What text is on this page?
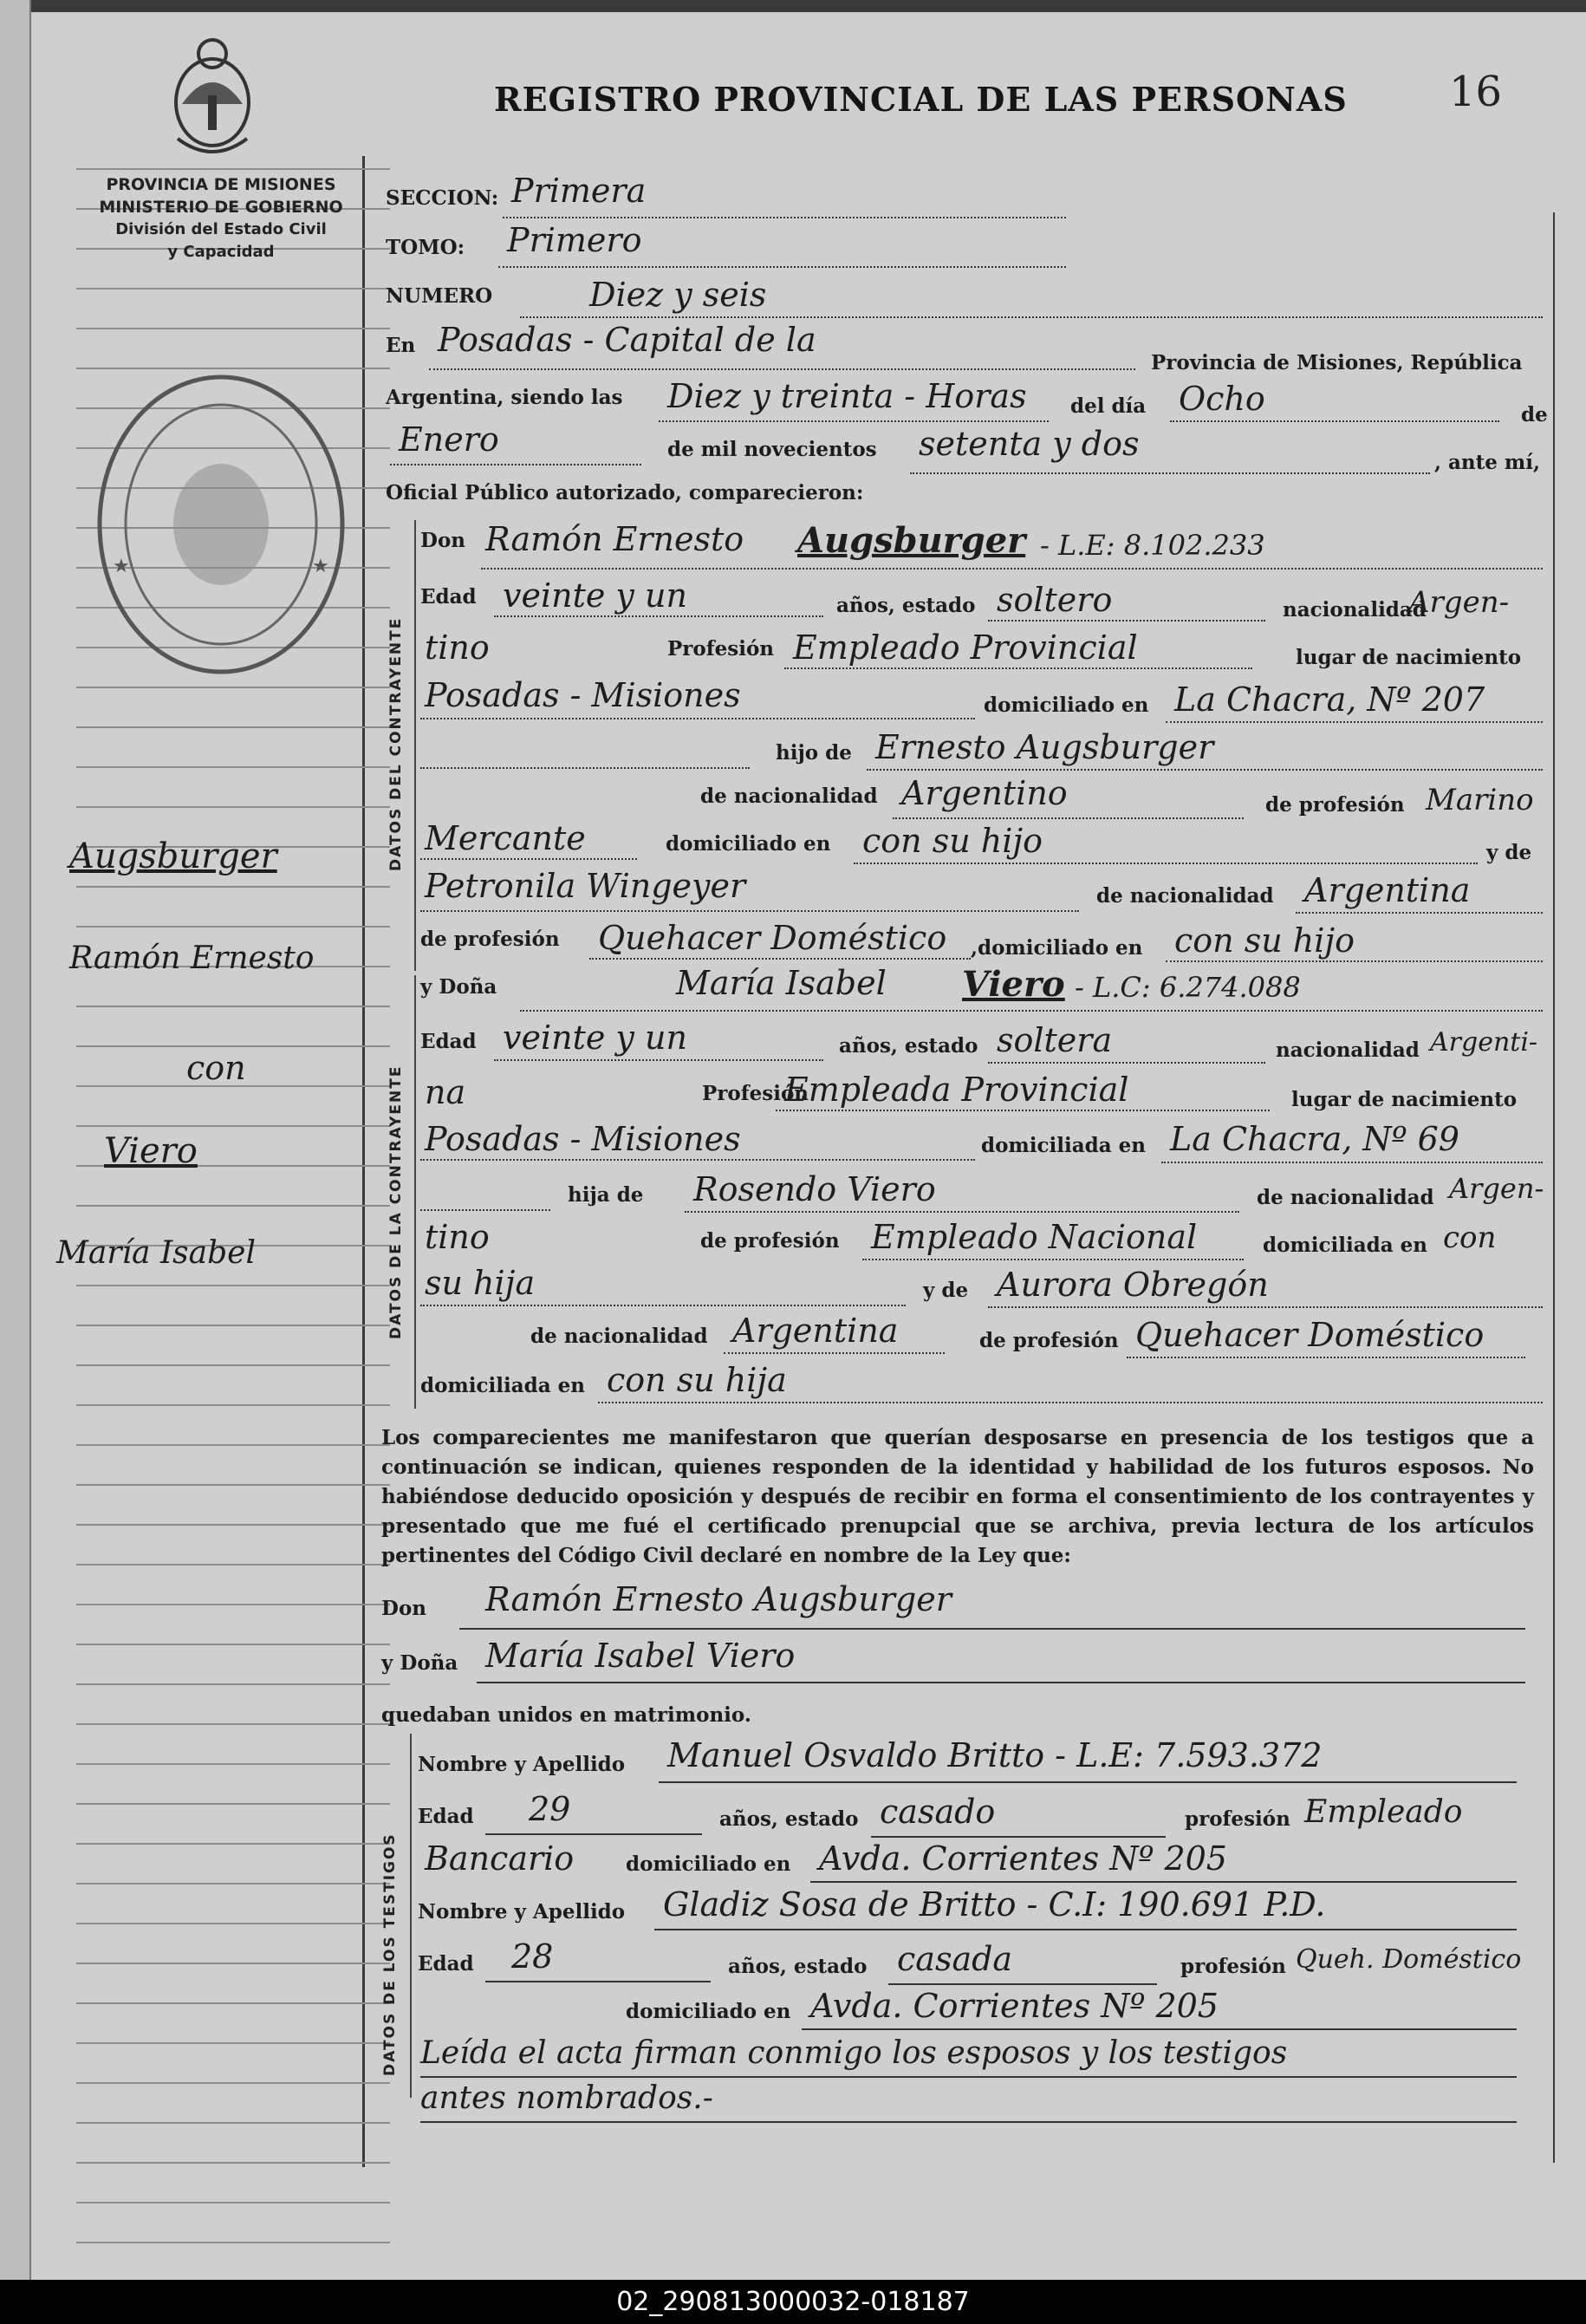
PROVINCIA DE MISIONES
MINISTERIO DE GOBIERNO
División del Estado Civil
y Capacidad
★	★
REGISTRO PROVINCIAL DE LAS PERSONAS 16
Augsburger
Ramón Ernesto
con
Viero
María Isabel
SECCION: Primera
TOMO: Primero
NUMERO	Diez y seis
En Posadas - Capital de la
Provincia de Misiones, República
Argentina, siendo las Diez y treinta - Horas del día Ocho	de
Enero	de mil novecientos setenta y dos	, ante mí,
Oficial Público autorizado, comparecieron:
DATOS DEL CONTRAYENTE
Don Ramón Ernesto Augsburger - L.E: 8.102.233
Edad veinte y un	años, estado soltero	nacionalidad
Argen-
tino	Profesión Empleado Provincial	lugar de nacimiento
Posadas - Misiones	domiciliado en La Chacra, Nº 207
hijo de Ernesto Augsburger
de nacionalidad Argentino	de profesión Marino
Mercante	domiciliado en con su hijo	y de
Petronila Wingeyer	de nacionalidad Argentina
de profesión Quehacer Doméstico ,domiciliado en con su hijo
DATOS DE LA CONTRAYENTE
y Doña	María Isabel Viero - L.C: 6.274.088
Edad veinte y un	años, estado soltera	nacionalidad Argenti-
na	Profesión
Empleada Provincial	lugar de nacimiento
Posadas - Misiones	domiciliada en La Chacra, Nº 69
hija de Rosendo Viero	de nacionalidad Argen-
tino	de profesión Empleado Nacional	domiciliada en con
su hija	y de Aurora Obregón
de nacionalidad Argentina	de profesión Quehacer Doméstico
domiciliada en con su hija
Los comparecientes me manifestaron que querían desposarse en presencia de los testigos que a continuación se indican, quienes responden de la identidad y habilidad de los futuros esposos. No habiéndose deducido oposición y después de recibir en forma el consentimiento de los contrayentes y presentado que me fué el certificado prenupcial que se archiva, previa lectura de los artículos pertinentes del Código Civil declaré en nombre de la Ley que:
Don Ramón Ernesto Augsburger
y Doña María Isabel Viero
quedaban unidos en matrimonio.
DATOS DE LOS TESTIGOS
Nombre y Apellido Manuel Osvaldo Britto - L.E: 7.593.372
Edad 29	años, estado casado	profesión Empleado
Bancario	domiciliado en Avda. Corrientes Nº 205
Nombre y Apellido Gladiz Sosa de Britto - C.I: 190.691 P.D.
Edad 28	años, estado casada	profesión Queh. Doméstico
domiciliado en Avda. Corrientes Nº 205
Leída el acta firman conmigo los esposos y los testigos
antes nombrados.-
02_290813000032-018187
